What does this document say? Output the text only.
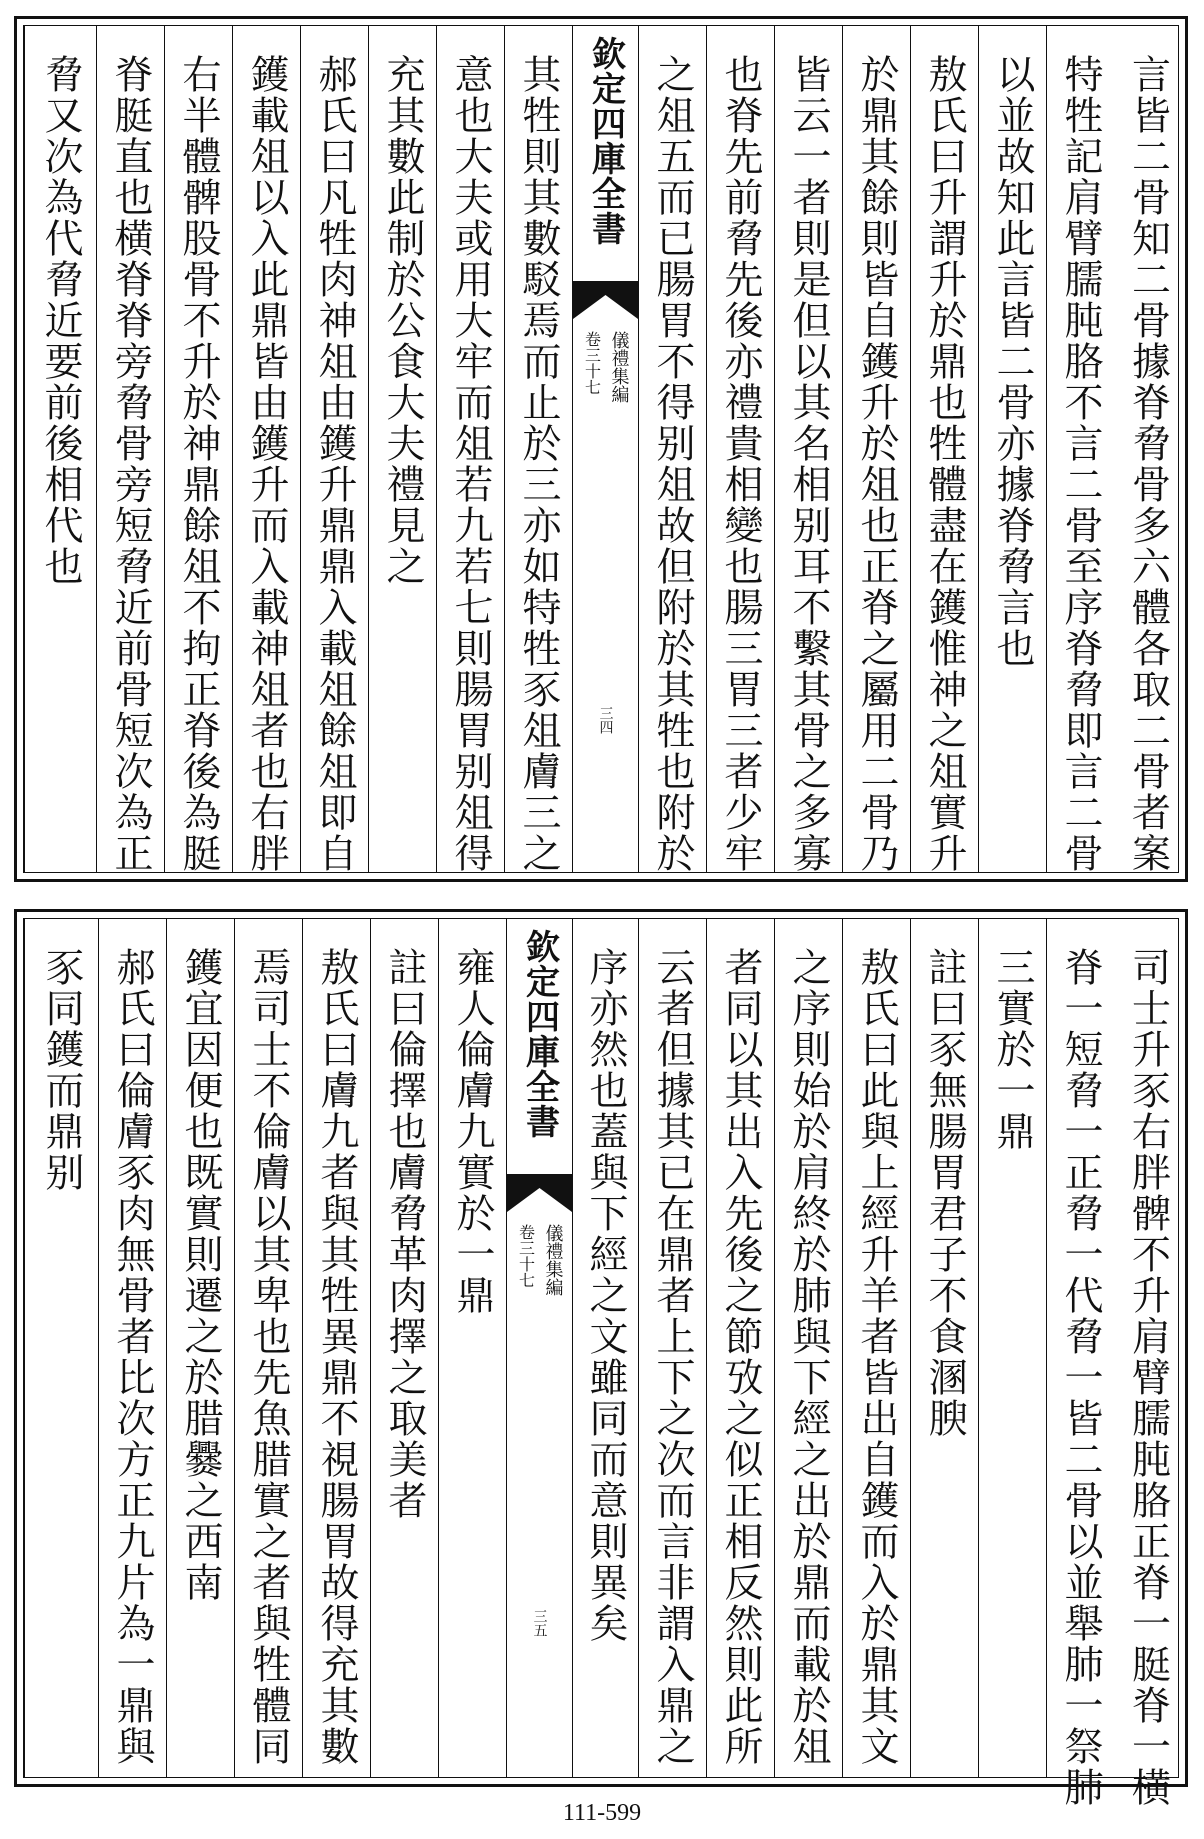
言皆二骨知二骨據脊脅骨多六體各取二骨者案
特牲記肩臂臑肫胳不言二骨至序脊脅即言二骨
以並故知此言皆二骨亦據脊脅言也
敖氏曰升謂升於鼎也牲體盡在鑊惟神之俎實升
於鼎其餘則皆自鑊升於俎也正脊之屬用二骨乃
皆云一者則是但以其名相别耳不繫其骨之多寡
也脊先前脅先後亦禮貴相變也腸三胃三者少牢
之俎五而已腸胃不得别俎故但附於其牲也附於
欽定四庫全書
儀禮集編
卷三十七
三四
其牲則其數駁焉而止於三亦如特牲豕俎膚三之
意也大夫或用大牢而俎若九若七則腸胃别俎得
充其數此制於公食大夫禮見之
郝氏曰凡牲肉神俎由鑊升鼎鼎入載俎餘俎即自
鑊載俎以入此鼎皆由鑊升而入載神俎者也右胖
右半體髀股骨不升於神鼎餘俎不拘正脊後為脡
脊脡直也横脊脊旁脅骨旁短脅近前骨短次為正
脅又次為代脅近要前後相代也
司士升豕右胖髀不升肩臂臑肫胳正脊一脡脊一横
脊一短脅一正脅一代脅一皆二骨以並舉肺一祭肺
三實於一鼎
註曰豕無腸胃君子不食溷腴
敖氏曰此與上經升羊者皆出自鑊而入於鼎其文
之序則始於肩終於肺與下經之出於鼎而載於俎
者同以其出入先後之節攷之似正相反然則此所
云者但據其已在鼎者上下之次而言非謂入鼎之
序亦然也蓋與下經之文雖同而意則異矣
欽定四庫全書
儀禮集編
卷三十七
三五
雍人倫膚九實於一鼎
註曰倫擇也膚脅革肉擇之取美者
敖氏曰膚九者與其牲異鼎不視腸胃故得充其數
焉司士不倫膚以其卑也先魚腊實之者與牲體同
鑊宜因便也既實則遷之於腊爨之西南
郝氏曰倫膚豕肉無骨者比次方正九片為一鼎與
豕同鑊而鼎别
111-599
